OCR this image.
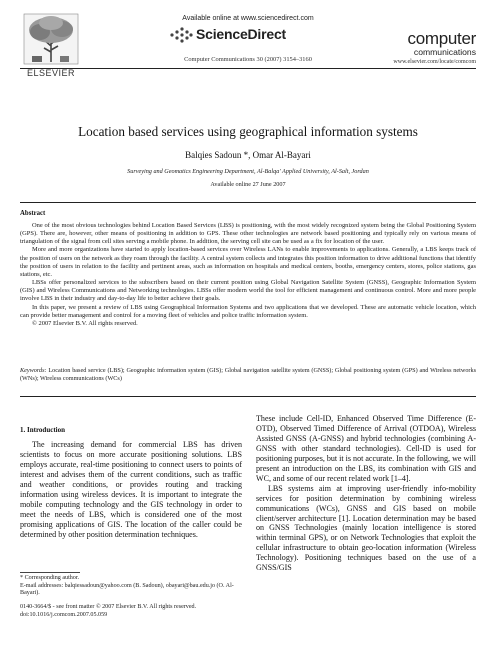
ELSEVIER
Available online at www.sciencedirect.com
ScienceDirect
Computer Communications 30 (2007) 3154–3160
computer
communications
www.elsevier.com/locate/comcom
Location based services using geographical information systems
Balqies Sadoun *, Omar Al-Bayari
Surveying and Geomatics Engineering Department, Al-Balqa' Applied University, Al-Salt, Jordan
Available online 27 June 2007
Abstract

One of the most obvious technologies behind Location Based Services (LBS) is positioning, with the most widely recognized system being the Global Positioning System (GPS). There are, however, other means of positioning in addition to GPS. These other technologies are network based positioning and typically rely on various means of triangulation of the signal from cell sites serving a mobile phone. In addition, the serving cell site can be used as a fix for location of the user.

More and more organizations have started to apply location-based services over Wireless LANs to enable improvements to applications. Generally, a LBS keeps track of the position of users on the network as they roam through the facility. A central system collects and integrates this position information to drive additional functions that identify the position of users in relation to the facility and pertinent areas, such as information on hospitals and medical centers, booths, emergency centers, stores, police stations, gas stations, etc.

LBSs offer personalized services to the subscribers based on their current position using Global Navigation Satellite System (GNSS), Geographic Information System (GIS) and Wireless Communications and Networking technologies. LBSs offer modern world the tool for efficient management and continuous control. More and more people involve LBS in their industry and day-to-day life to better achieve their goals.

In this paper, we present a review of LBS using Geographical Information Systems and two applications that we developed. These are automatic vehicle location, which can provide better management and control for a moving fleet of vehicles and police traffic information system.

© 2007 Elsevier B.V. All rights reserved.

Keywords: Location based service (LBS); Geographic information system (GIS); Global navigation satellite system (GNSS); Global positioning system (GPS) and Wireless networks (WNs); Wireless communications (WCs)
1. Introduction

The increasing demand for commercial LBS has driven scientists to focus on more accurate positioning solutions. LBS employs accurate, real-time positioning to connect users to points of interest and advises them of the current conditions, such as traffic and weather conditions, or provides routing and tracking information using wireless devices. It is important to integrate the mobile computing technology and the GIS technology in order to meet the needs of LBS, which is considered one of the most promising applications of GIS. The location of the caller could be determined by other position determination techniques.

These include Cell-ID, Enhanced Observed Time Difference (E-OTD), Observed Timed Difference of Arrival (OTDOA), Wireless Assisted GNSS (A-GNSS) and hybrid technologies (combining A-GNSS with other standard technologies). Cell-ID is used for positioning purposes, but it is not accurate. In the following, we will present an introduction on the LBS, its combination with GIS and WC, and some of our recent related work [1–4].

LBS systems aim at improving user-friendly info-mobility services for position determination by combining wireless communications (WCs), GNSS and GIS based on mobile client/server architecture [1]. Location determination may be based on GNSS Technologies (mainly location intelligence is stored within terminal GPS), or on Network Technologies that exploit the cellular infrastructure to obtain geo-location information (Wireless Technology). Positioning techniques based on the use of a GNSS/GIS

* Corresponding author.

E-mail addresses: balqiessadoun@yahoo.com (B. Sadoun), obayari@bau.edu.jo (O. Al-Bayari).

0140-3664/$ - see front matter © 2007 Elsevier B.V. All rights reserved.
doi:10.1016/j.comcom.2007.05.059
